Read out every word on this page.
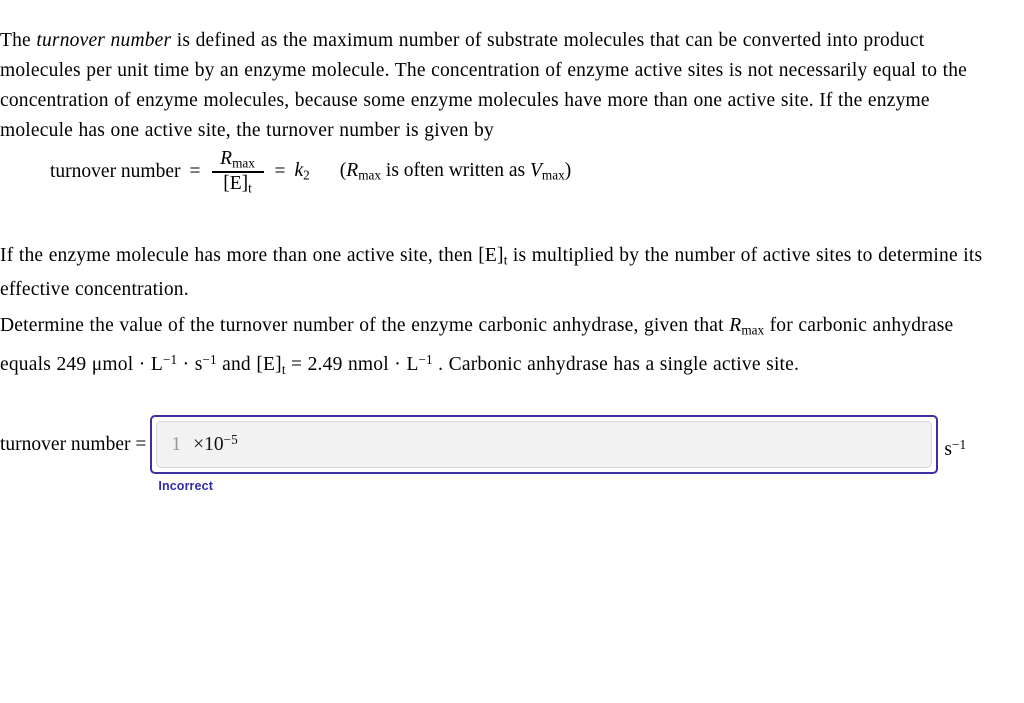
The turnover number is defined as the maximum number of substrate molecules that can be converted into product molecules per unit time by an enzyme molecule. The concentration of enzyme active sites is not necessarily equal to the concentration of enzyme molecules, because some enzyme molecules have more than one active site. If the enzyme molecule has one active site, the turnover number is given by

turnover number = $\frac{R_{max}}{[E]_t} = k_2$ ($R_{max}$ is often written as $V_{max}$)

If the enzyme molecule has more than one active site, then $[E]_t$ is multiplied by the number of active sites to determine its effective concentration.

Determine the value of the turnover number of the enzyme carbonic anhydrase, given that $R_{max}$ for carbonic anhydrase equals 249 $\mu mol \cdot L^{-1} \cdot s^{-1}$ and $[E]_t = 2.49$ nmol · $L^{-1}$ . Carbonic anhydrase has a single active site.

turnover number = $1 \times 10^{-5}$
Incorrect
$s^{-1}$
